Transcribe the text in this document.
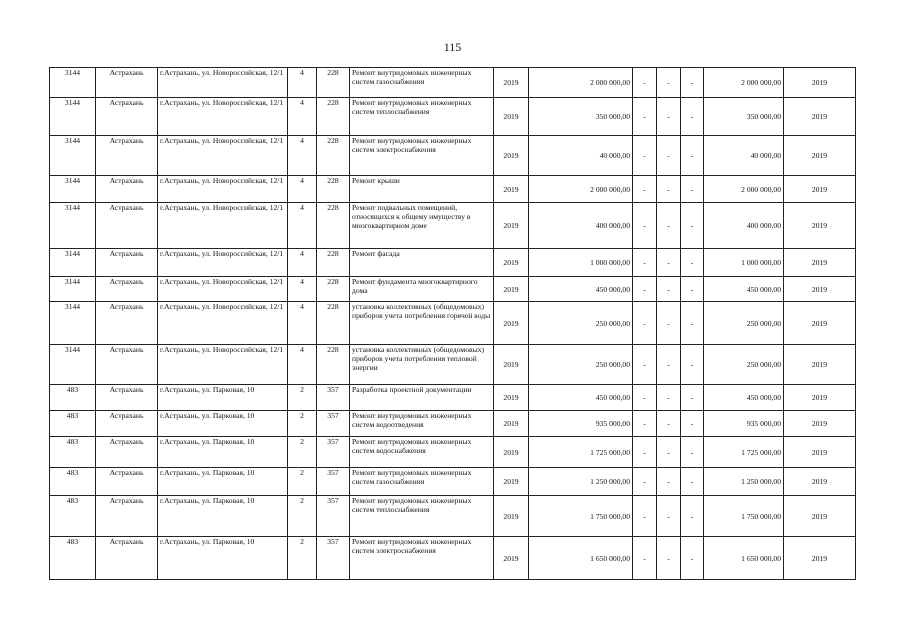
115
3144	Астрахань	г.Астрахань, ул. Новороссийская, 12/1	4	228	Ремонт внутридомовых инженерных систем газоснабжения	2019	2 000 000,00	-	-	-	2 000 000,00	2019
3144	Астрахань	г.Астрахань, ул. Новороссийская, 12/1	4	228	Ремонт внутридомовых инженерных систем теплоснабжения	2019	350 000,00	-	-	-	350 000,00	2019
3144	Астрахань	г.Астрахань, ул. Новороссийская, 12/1	4	228	Ремонт внутридомовых инженерных систем электроснабжения	2019	40 000,00	-	-	-	40 000,00	2019
3144	Астрахань	г.Астрахань, ул. Новороссийская, 12/1	4	228	Ремонт крыши	2019	2 000 000,00	-	-	-	2 000 000,00	2019
3144	Астрахань	г.Астрахань, ул. Новороссийская, 12/1	4	228	Ремонт подвальных помещений, относящихся к общему имуществу в многоквартирном доме	2019	400 000,00	-	-	-	400 000,00	2019
3144	Астрахань	г.Астрахань, ул. Новороссийская, 12/1	4	228	Ремонт фасада	2019	1 000 000,00	-	-	-	1 000 000,00	2019
3144	Астрахань	г.Астрахань, ул. Новороссийская, 12/1	4	228	Ремонт фундамента многоквартирного дома	2019	450 000,00	-	-	-	450 000,00	2019
3144	Астрахань	г.Астрахань, ул. Новороссийская, 12/1	4	228	установка коллективных (общедомовых) приборов учета потребления горячей воды	2019	250 000,00	-	-	-	250 000,00	2019
3144	Астрахань	г.Астрахань, ул. Новороссийская, 12/1	4	228	установка коллективных (общедомовых) приборов учета потребления тепловой энергии	2019	250 000,00	-	-	-	250 000,00	2019
483	Астрахань	г.Астрахань, ул. Парковая, 10	2	357	Разработка проектной документации	2019	450 000,00	-	-	-	450 000,00	2019
483	Астрахань	г.Астрахань, ул. Парковая, 10	2	357	Ремонт внутридомовых инженерных систем водоотведения	2019	935 000,00	-	-	-	935 000,00	2019
483	Астрахань	г.Астрахань, ул. Парковая, 10	2	357	Ремонт внутридомовых инженерных систем водоснабжения	2019	1 725 000,00	-	-	-	1 725 000,00	2019
483	Астрахань	г.Астрахань, ул. Парковая, 10	2	357	Ремонт внутридомовых инженерных систем газоснабжения	2019	1 250 000,00	-	-	-	1 250 000,00	2019
483	Астрахань	г.Астрахань, ул. Парковая, 10	2	357	Ремонт внутридомовых инженерных систем теплоснабжения	2019	1 750 000,00	-	-	-	1 750 000,00	2019
483	Астрахань	г.Астрахань, ул. Парковая, 10	2	357	Ремонт внутридомовых инженерных систем электроснабжения	2019	1 650 000,00	-	-	-	1 650 000,00	2019
